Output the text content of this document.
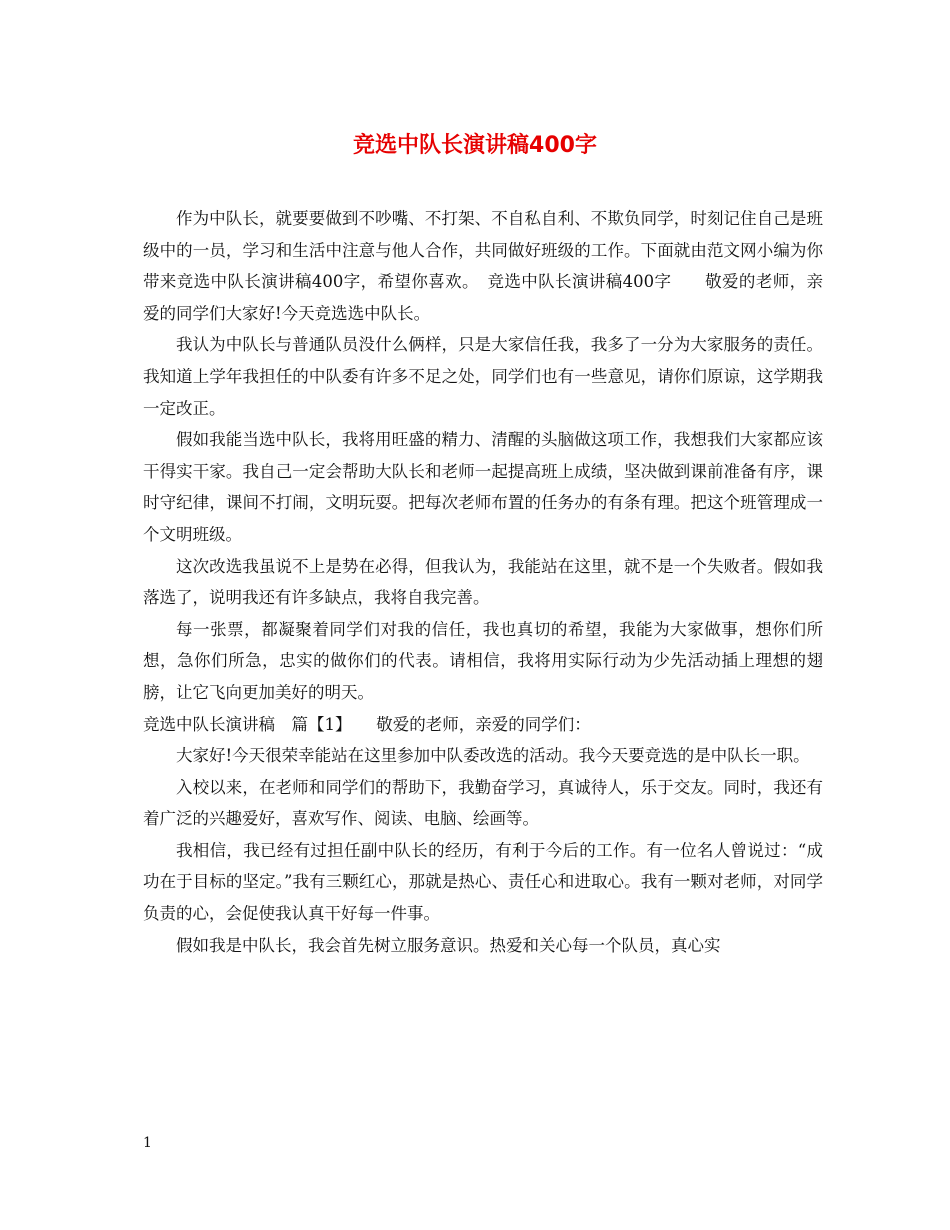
竞选中队长演讲稿400字

作为中队长，就要要做到不吵嘴、不打架、不自私自利、不欺负同学，时刻记住自己是班级中的一员，学习和生活中注意与他人合作，共同做好班级的工作。下面就由范文网小编为你带来竞选中队长演讲稿400字，希望你喜欢。　竞选中队长演讲稿400字　　敬爱的老师，亲爱的同学们大家好!今天竞选选中队长。

我认为中队长与普通队员没什么俩样，只是大家信任我，我多了一分为大家服务的责任。我知道上学年我担任的中队委有许多不足之处，同学们也有一些意见，请你们原谅，这学期我一定改正。

假如我能当选中队长，我将用旺盛的精力、清醒的头脑做这项工作，我想我们大家都应该干得实干家。我自己一定会帮助大队长和老师一起提高班上成绩，坚决做到课前准备有序，课时守纪律，课间不打闹，文明玩耍。把每次老师布置的任务办的有条有理。把这个班管理成一个文明班级。

这次改选我虽说不上是势在必得，但我认为，我能站在这里，就不是一个失败者。假如我落选了，说明我还有许多缺点，我将自我完善。

每一张票，都凝聚着同学们对我的信任，我也真切的希望，我能为大家做事，想你们所想，急你们所急，忠实的做你们的代表。请相信，我将用实际行动为少先活动插上理想的翅膀，让它飞向更加美好的明天。

竞选中队长演讲稿　篇【1】　　敬爱的老师，亲爱的同学们：

大家好!今天很荣幸能站在这里参加中队委改选的活动。我今天要竞选的是中队长一职。

入校以来，在老师和同学们的帮助下，我勤奋学习，真诚待人，乐于交友。同时，我还有着广泛的兴趣爱好，喜欢写作、阅读、电脑、绘画等。

我相信，我已经有过担任副中队长的经历，有利于今后的工作。有一位名人曾说过：“成功在于目标的坚定。”我有三颗红心，那就是热心、责任心和进取心。我有一颗对老师，对同学负责的心，会促使我认真干好每一件事。

假如我是中队长，我会首先树立服务意识。热爱和关心每一个队员，真心实

1
